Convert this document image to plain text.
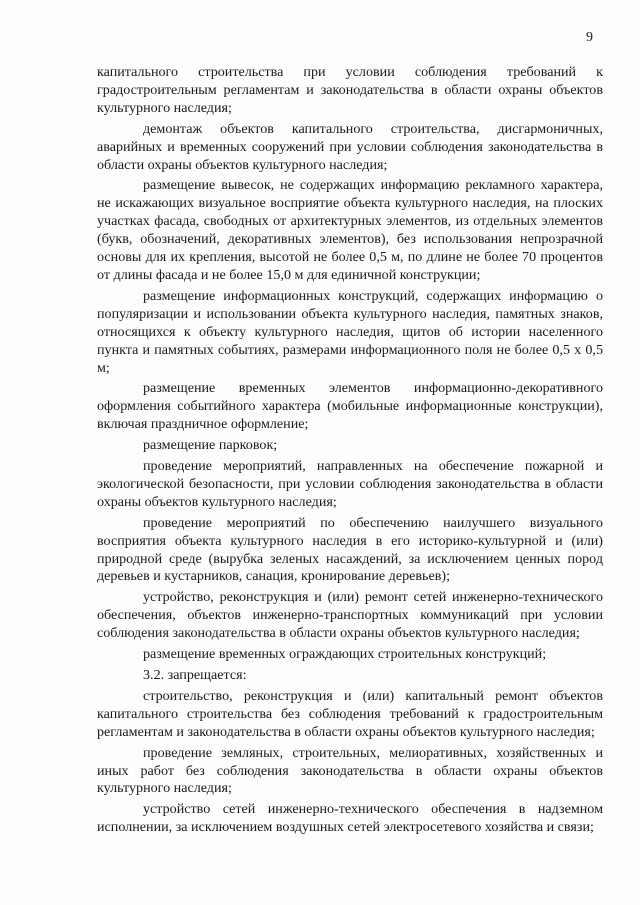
9

капитального строительства при условии соблюдения требований к градостроительным регламентам и законодательства в области охраны объектов культурного наследия;

демонтаж объектов капитального строительства, дисгармоничных, аварийных и временных сооружений при условии соблюдения законодательства в области охраны объектов культурного наследия;

размещение вывесок, не содержащих информацию рекламного характера, не искажающих визуальное восприятие объекта культурного наследия, на плоских участках фасада, свободных от архитектурных элементов, из отдельных элементов (букв, обозначений, декоративных элементов), без использования непрозрачной основы для их крепления, высотой не более 0,5 м, по длине не более 70 процентов от длины фасада и не более 15,0 м для единичной конструкции;

размещение информационных конструкций, содержащих информацию о популяризации и использовании объекта культурного наследия, памятных знаков, относящихся к объекту культурного наследия, щитов об истории населенного пункта и памятных событиях, размерами информационного поля не более 0,5 х 0,5 м;

размещение временных элементов информационно-декоративного оформления событийного характера (мобильные информационные конструкции), включая праздничное оформление;

размещение парковок;

проведение мероприятий, направленных на обеспечение пожарной и экологической безопасности, при условии соблюдения законодательства в области охраны объектов культурного наследия;

проведение мероприятий по обеспечению наилучшего визуального восприятия объекта культурного наследия в его историко-культурной и (или) природной среде (вырубка зеленых насаждений, за исключением ценных пород деревьев и кустарников, санация, кронирование деревьев);

устройство, реконструкция и (или) ремонт сетей инженерно-технического обеспечения, объектов инженерно-транспортных коммуникаций при условии соблюдения законодательства в области охраны объектов культурного наследия;

размещение временных ограждающих строительных конструкций;

3.2. запрещается:

строительство, реконструкция и (или) капитальный ремонт объектов капитального строительства без соблюдения требований к градостроительным регламентам и законодательства в области охраны объектов культурного наследия;

проведение земляных, строительных, мелиоративных, хозяйственных и иных работ без соблюдения законодательства в области охраны объектов культурного наследия;

устройство сетей инженерно-технического обеспечения в надземном исполнении, за исключением воздушных сетей электросетевого хозяйства и связи;
